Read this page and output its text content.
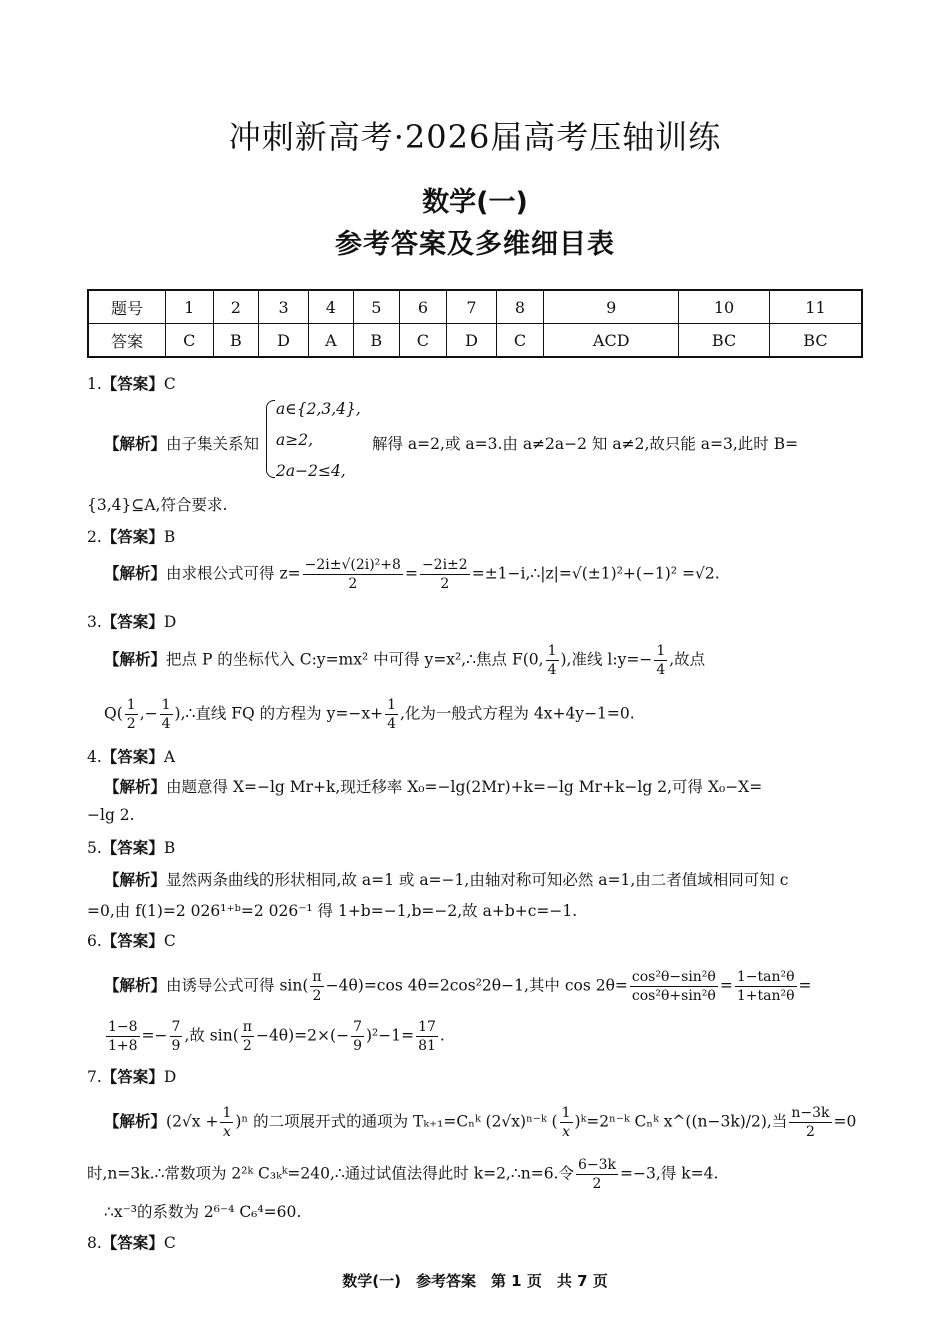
冲刺新高考·2026届高考压轴训练
数学(一)
参考答案及多维细目表
题号	1	2	3	4	5	6	7	8	9	10	11
答案	C	B	D	A	B	C	D	C	ACD	BC	BC
1.【答案】C
【解析】由子集关系知
a∈{2,3,4},
a≥2,
2a−2≤4,
解得 a=2,或 a=3.由 a≠2a−2 知 a≠2,故只能 a=3,此时 B=
{3,4}⊆A,符合要求.
2.【答案】B
【解析】由求根公式可得 $z= \frac{\text{−2i±√(2i)²+8}}{2} = \frac{-2i\pm 2}{2}$ =±1−i,∴|z|=√(±1)²+(−1)² =√2.
3.【答案】D
【解析】把点 P 的坐标代入 C:y=mx² 中可得 y=x²,∴焦点 F(0, $\frac{1}{4}$ ),准线 l:y=− $\frac{1}{4}$ ,故点
$Q( \frac{1}{2}$ ,− $\frac{1}{4}$ ),∴直线 FQ 的方程为 $y=-x+ \frac{1}{4}$ ,化为一般式方程为 4x+4y−1=0.
4.【答案】A
【解析】由题意得 X=−lg Mr+k,现迁移率 X₀=−lg(2Mr)+k=−lg Mr+k−lg 2,可得 X₀−X=
−lg 2.
5.【答案】B
【解析】显然两条曲线的形状相同,故 a=1 或 a=−1,由轴对称可知必然 a=1,由二者值域相同可知 c
=0,由 f(1)=2 026¹⁺ᵇ=2 026⁻¹ 得 1+b=−1,b=−2,故 a+b+c=−1.
6.【答案】C
【解析】由诱导公式可得 $\sin( \frac{\pi}{2} -4\theta)=\cos$ 4θ=2cos²2θ−1,其中 $\cos 2\theta= \frac{\text{cos²θ−sin²θ}}{\text{cos²θ+sin²θ}} = \frac{\text{1−tan²θ}}{\text{1+tan²θ}}$ =
$\frac{1-8}{1+8} =- \frac{7}{9}$ ,故 $\sin( \frac{\pi}{2} -4\theta)=2\times(- \frac{7}{9} )^2-1= \frac{17}{81}$ .
7.【答案】D
【解析】$(2√x + \frac{1}{x} )^n$ 的二项展开式的通项为 Tₖ₊₁=Cₙᵏ (2√x)ⁿ⁻ᵏ ( $\frac{1}{x}$ )ᵏ=2ⁿ⁻ᵏ Cₙᵏ x^((n−3k)/2),当 $\frac{n-3k}{2} =0$
时,n=3k.∴常数项为 2²ᵏ C₃ₖᵏ=240,∴通过试值法得此时 k=2,∴n=6.令 $\frac{6-3k}{2} =-3$,得 k=4.
∴x⁻³的系数为 2⁶⁻⁴ C₆⁴=60.
8.【答案】C
数学(一)　参考答案　第 1 页　共 7 页
